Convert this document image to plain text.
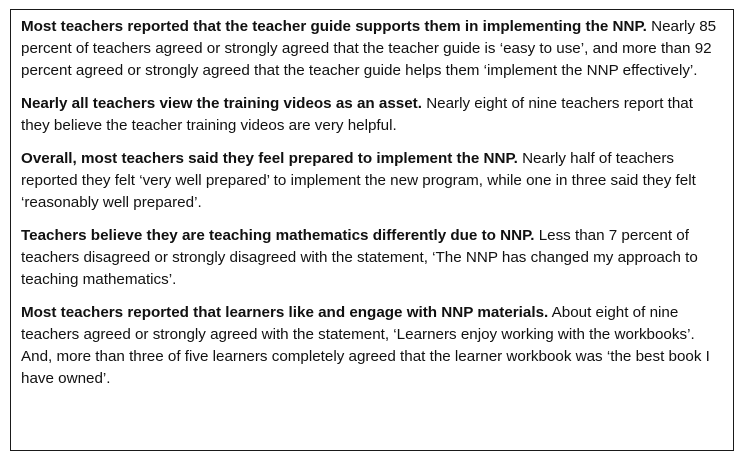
Most teachers reported that the teacher guide supports them in implementing the NNP. Nearly 85 percent of teachers agreed or strongly agreed that the teacher guide is ‘easy to use’, and more than 92 percent agreed or strongly agreed that the teacher guide helps them ‘implement the NNP effectively’.

Nearly all teachers view the training videos as an asset. Nearly eight of nine teachers report that they believe the teacher training videos are very helpful.

Overall, most teachers said they feel prepared to implement the NNP. Nearly half of teachers reported they felt ‘very well prepared’ to implement the new program, while one in three said they felt ‘reasonably well prepared’.

Teachers believe they are teaching mathematics differently due to NNP. Less than 7 percent of teachers disagreed or strongly disagreed with the statement, ‘The NNP has changed my approach to teaching mathematics’.

Most teachers reported that learners like and engage with NNP materials. About eight of nine teachers agreed or strongly agreed with the statement, ‘Learners enjoy working with the workbooks’. And, more than three of five learners completely agreed that the learner workbook was ‘the best book I have owned’.
